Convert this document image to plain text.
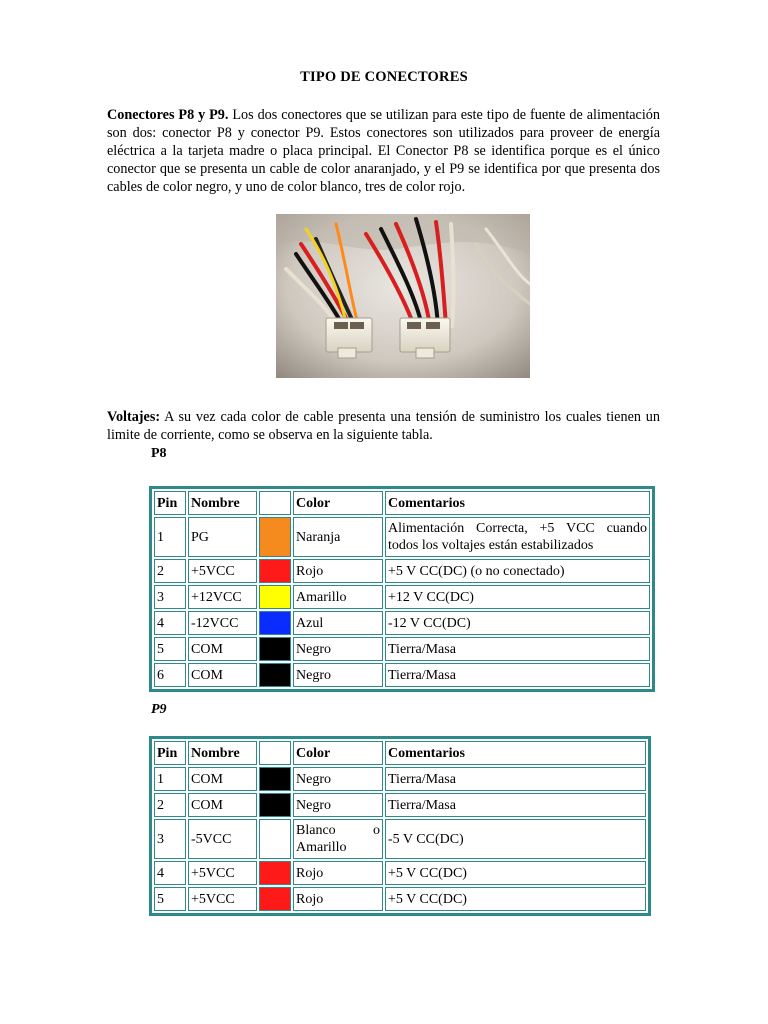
TIPO DE CONECTORES
Conectores P8 y P9. Los dos conectores que se utilizan para este tipo de fuente de alimentación son dos: conector P8 y conector P9. Estos conectores son utilizados para proveer de energía eléctrica a la tarjeta madre o placa principal. El Conector P8 se identifica porque es el único conector que se presenta un cable de color anaranjado, y el P9 se identifica por que presenta dos cables de color negro, y uno de color blanco, tres de color rojo.
Voltajes: A su vez cada color de cable presenta una tensión de suministro los cuales tienen un limite de corriente, como se observa en la siguiente tabla.
P8
Pin	Nombre		Color	Comentarios
1	PG		Naranja	Alimentación Correcta, +5 VCC cuando todos los voltajes están estabilizados
2	+5VCC		Rojo	+5 V CC(DC) (o no conectado)
3	+12VCC		Amarillo	+12 V CC(DC)
4	-12VCC		Azul	-12 V CC(DC)
5	COM		Negro	Tierra/Masa
6	COM		Negro	Tierra/Masa
P9
Pin	Nombre		Color	Comentarios
1	COM		Negro	Tierra/Masa
2	COM		Negro	Tierra/Masa
3	-5VCC		Blanco o Amarillo	-5 V CC(DC)
4	+5VCC		Rojo	+5 V CC(DC)
5	+5VCC		Rojo	+5 V CC(DC)
